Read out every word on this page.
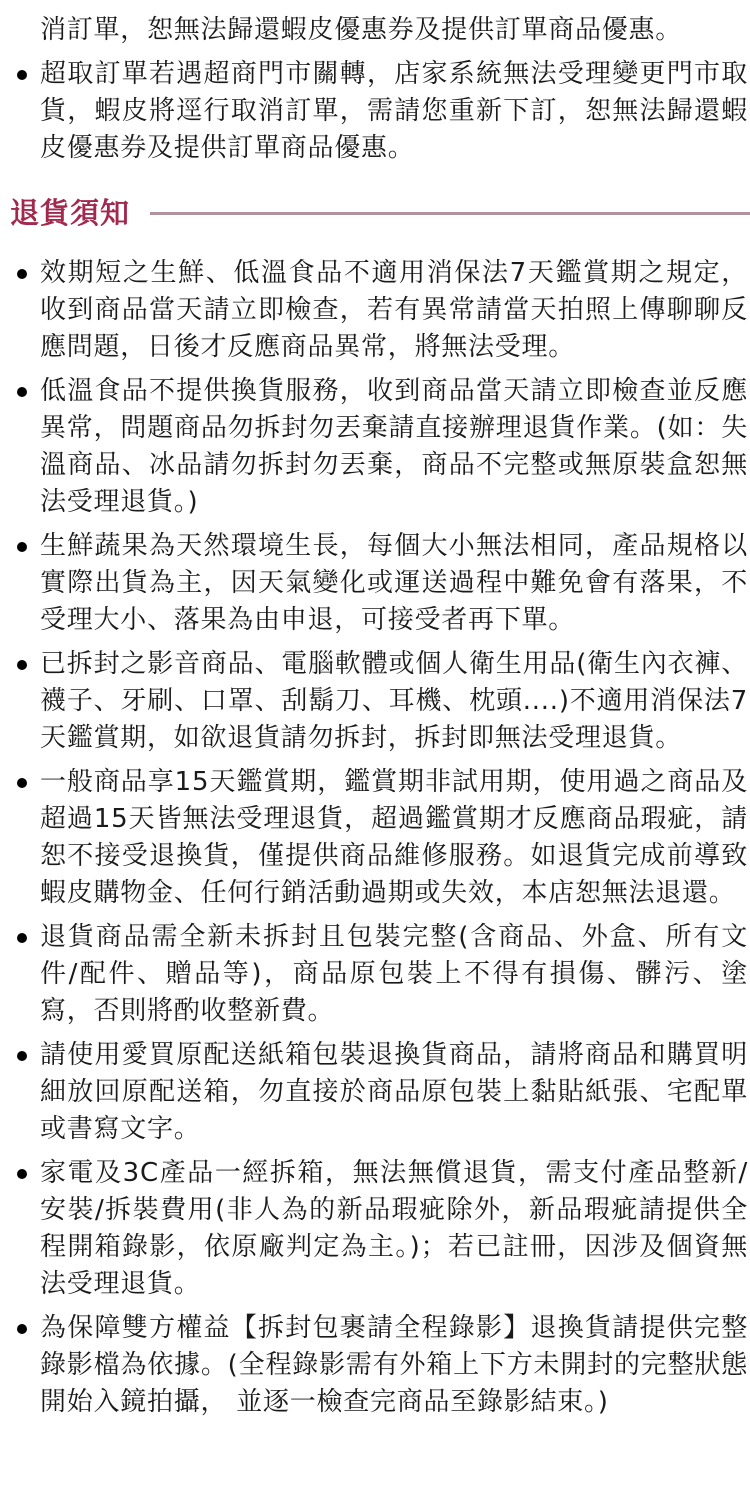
消訂單，恕無法歸還蝦皮優惠券及提供訂單商品優惠。

超取訂單若遇超商門市關轉，店家系統無法受理變更門市取貨，蝦皮將逕行取消訂單，需請您重新下訂，恕無法歸還蝦皮優惠券及提供訂單商品優惠。
退貨須知
效期短之生鮮、低溫食品不適用消保法7天鑑賞期之規定，收到商品當天請立即檢查，若有異常請當天拍照上傳聊聊反應問題，日後才反應商品異常，將無法受理。
低溫食品不提供換貨服務，收到商品當天請立即檢查並反應異常，問題商品勿拆封勿丟棄請直接辦理退貨作業。(如：失溫商品、冰品請勿拆封勿丟棄，商品不完整或無原裝盒恕無法受理退貨。)
生鮮蔬果為天然環境生長，每個大小無法相同，產品規格以實際出貨為主，因天氣變化或運送過程中難免會有落果，不受理大小、落果為由申退，可接受者再下單。
已拆封之影音商品、電腦軟體或個人衛生用品(衛生內衣褲、襪子、牙刷、口罩、刮鬍刀、耳機、枕頭....)不適用消保法7天鑑賞期，如欲退貨請勿拆封，拆封即無法受理退貨。
一般商品享15天鑑賞期，鑑賞期非試用期，使用過之商品及超過15天皆無法受理退貨，超過鑑賞期才反應商品瑕疵，請恕不接受退換貨，僅提供商品維修服務。如退貨完成前導致蝦皮購物金、任何行銷活動過期或失效，本店恕無法退還。
退貨商品需全新未拆封且包裝完整(含商品、外盒、所有文件/配件、贈品等)，商品原包裝上不得有損傷、髒污、塗寫，否則將酌收整新費。
請使用愛買原配送紙箱包裝退換貨商品，請將商品和購買明細放回原配送箱，勿直接於商品原包裝上黏貼紙張、宅配單或書寫文字。
家電及3C產品一經拆箱，無法無償退貨，需支付產品整新/安裝/拆裝費用(非人為的新品瑕疵除外，新品瑕疵請提供全程開箱錄影，依原廠判定為主。)；若已註冊，因涉及個資無法受理退貨。
為保障雙方權益【拆封包裹請全程錄影】退換貨請提供完整錄影檔為依據。(全程錄影需有外箱上下方未開封的完整狀態開始入鏡拍攝， 並逐一檢查完商品至錄影結束。)
